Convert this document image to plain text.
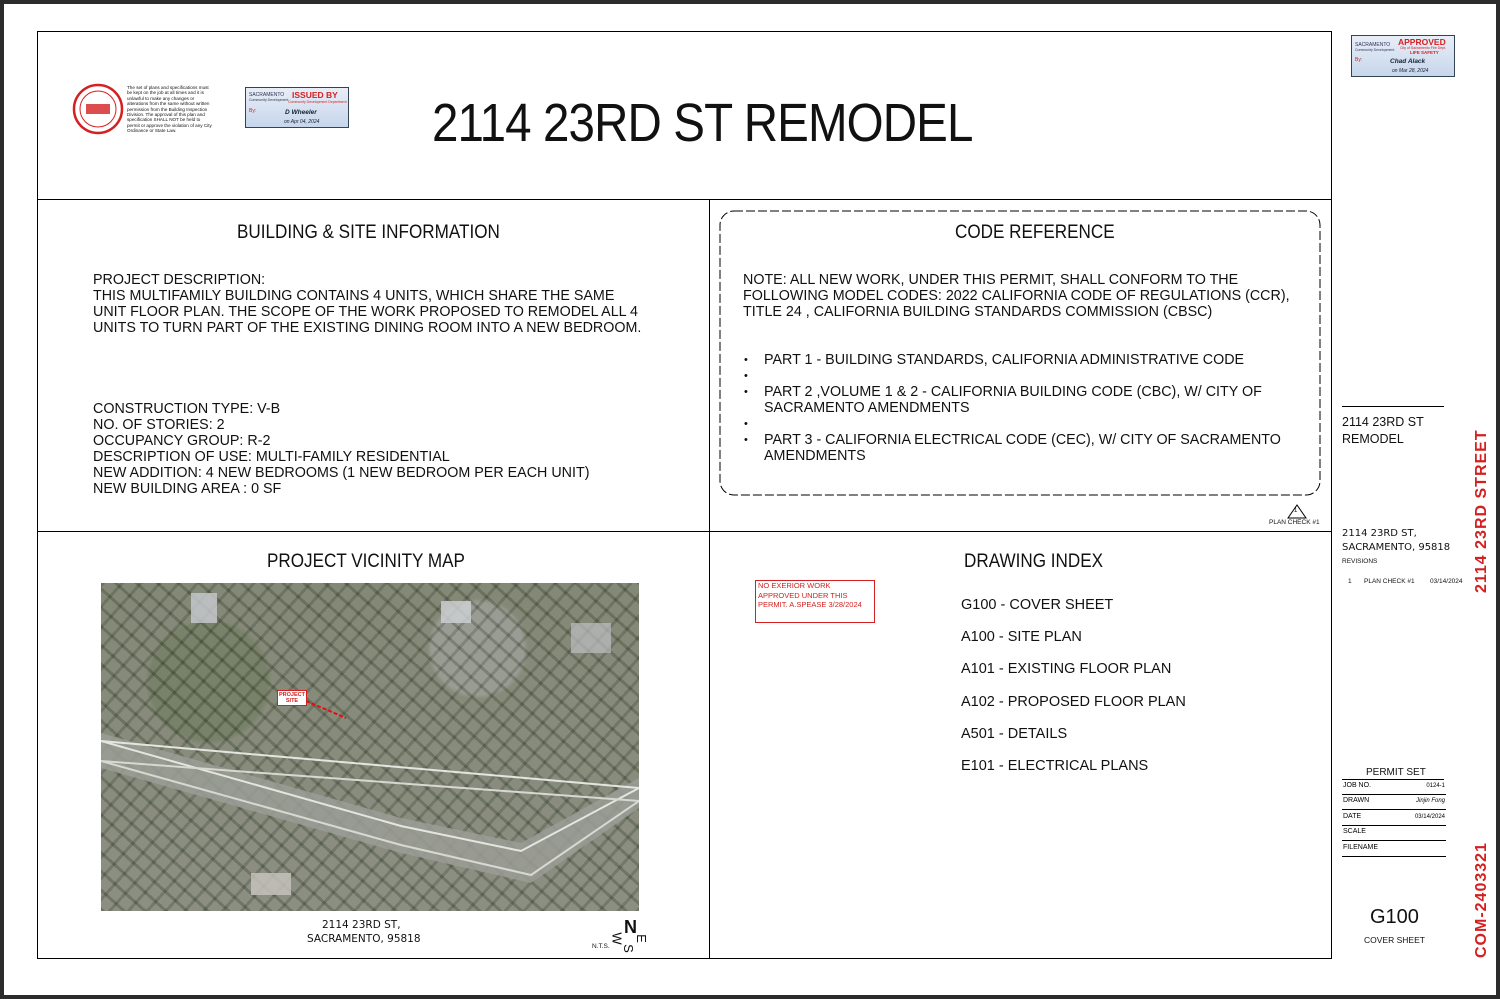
The set of plans and specifications must be kept on the job at all times and it is unlawful to make any changes or alterations from the same without written permission from the Building Inspection Division. The approval of this plan and specification SHALL NOT be held to permit or approve the violation of any City Ordinance or State Law.
SACRAMENTO
Community Development ISSUED BY
Community Development Department
By:	D Wheeler
on Apr 04, 2024 2114 23RD ST REMODEL
SACRAMENTO
Community Development
APPROVED
City of Sacramento Fire Dept.
LIFE SAFETY
By:	Chad Alack
on Mar 28, 2024
BUILDING & SITE INFORMATION
PROJECT DESCRIPTION:
THIS MULTIFAMILY BUILDING CONTAINS 4 UNITS, WHICH SHARE THE SAME UNIT FLOOR PLAN. THE SCOPE OF THE WORK PROPOSED TO REMODEL ALL 4 UNITS TO TURN PART OF THE EXISTING DINING ROOM INTO A NEW BEDROOM.
CONSTRUCTION TYPE: V-B
NO. OF STORIES: 2
OCCUPANCY GROUP: R-2
DESCRIPTION OF USE: MULTI-FAMILY RESIDENTIAL
NEW ADDITION: 4 NEW BEDROOMS (1 NEW BEDROOM PER EACH UNIT)
NEW BUILDING AREA : 0 SF
CODE REFERENCE
NOTE: ALL NEW WORK, UNDER THIS PERMIT, SHALL CONFORM TO THE FOLLOWING MODEL CODES: 2022 CALIFORNIA CODE OF REGULATIONS (CCR), TITLE 24 , CALIFORNIA BUILDING STANDARDS COMMISSION (CBSC)
• PART 1 - BUILDING STANDARDS, CALIFORNIA ADMINISTRATIVE CODE
•
• PART 2 ,VOLUME 1 & 2 - CALIFORNIA BUILDING CODE (CBC), W/ CITY OF SACRAMENTO AMENDMENTS
•
• PART 3 - CALIFORNIA ELECTRICAL CODE (CEC), W/ CITY OF SACRAMENTO AMENDMENTS
1
PLAN CHECK #1
PROJECT VICINITY MAP
PROJECT SITE
2114 23RD ST,
SACRAMENTO, 95818
N.T.S.
N
W E
S
DRAWING INDEX
NO EXERIOR WORK APPROVED UNDER THIS PERMIT. A.SPEASE 3/28/2024	G100 - COVER SHEET
A100 - SITE PLAN
A101 - EXISTING FLOOR PLAN
A102 - PROPOSED FLOOR PLAN
A501 - DETAILS
E101 - ELECTRICAL PLANS
2114 23RD ST
REMODEL
2114 23RD ST,
SACRAMENTO, 95818
REVISIONS
1 PLAN CHECK #1 03/14/2024 2114 23RD STREET
COM-2403321
PERMIT SET
JOB NO.	0124-1
DRAWN	Jinjin Fong
DATE	03/14/2024
SCALE
FILENAME
G100
COVER SHEET
